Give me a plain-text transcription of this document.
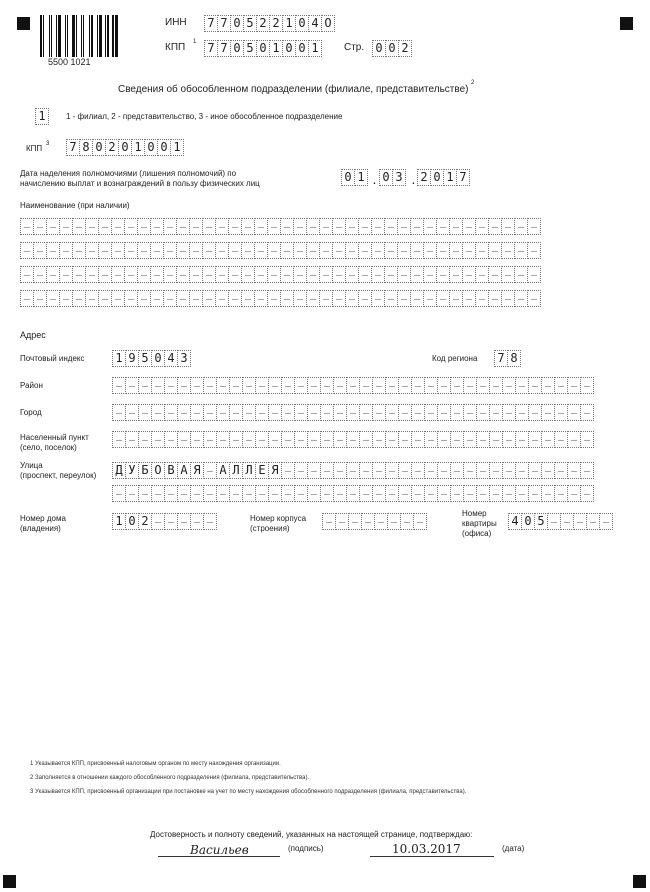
5500 1021
ИНН 7 7 0 5 2 2 1 0 4 О
КПП 1 7 7 0 5 0 1 0 0 1	Стр. 0 0 2
Сведения об обособленном подразделении (филиале, представительстве)
2
1	1 - филиал, 2 - представительство, 3 - иное обособленное подразделение
КПП 3 7 8 0 2 0 1 0 0 1
Дата наделения полномочиями (лишения полномочий) по
начислению выплат и вознаграждений в пользу физических лиц	0 1 . 0 3 . 2 0 1 7
Наименование (при наличии)
–
–
–
–
–
–
–
–
–
–
–
–
–
–
–
–
–
–
–
–
–
–
–
–
–
–
–
–
–
–
–
–
–
–
–
–
–
–
–
–
–
–
–
–
–
–
–
–
–
–
–
–
–
–
–
–
–
–
–
–
–
–
–
–
–
–
–
–
–
–
–
–
–
–
–
–
–
–
–
–
–
–
–
–
–
–
–
–
–
–
–
–
–
–
–
–
–
–
–
–
–
–
–
–
–
–
–
–
–
–
–
–
–
–
–
–
–
–
–
–
–
–
–
–
–
–
–
–
–
–
–
–
–
–
–
–
–
–
–
–
–
–
–
–
–
–
–
–
–
–
–
–
–
–
–
–
–
–
–
–
Адрес
Почтовый индекс	1 9 5 0 4 3	Код региона 7 8
Район
–
–
–
–
–
–
–
–
–
–
–
–
–
–
–
–
–
–
–
–
–
–
–
–
–
–
–
–
–
–
–
–
–
–
–
–
–
Город
–
–
–
–
–
–
–
–
–
–
–
–
–
–
–
–
–
–
–
–
–
–
–
–
–
–
–
–
–
–
–
–
–
–
–
–
–
Населенный пункт
(село, поселок)
–
–
–
–
–
–
–
–
–
–
–
–
–
–
–
–
–
–
–
–
–
–
–
–
–
–
–
–
–
–
–
–
–
–
–
–
–
Улица
(проспект, переулок) Д У Б О В А Я – А Л Л Е Я
–
–
–
–
–
–
–
–
–
–
–
–
–
–
–
–
–
–
–
–
–
–
–
–
–
–
–
–
–
–
–
–
–
–
–
–
–
–
–
–
–
–
–
–
–
–
–
–
–
–
–
–
–
–
–
–
–
–
–
–
–
Номер дома
(владения)
1 0 2 – – – – –	Номер корпуса
(строения)
–
–
–
–
–
–
–
–
Номер
квартиры
(офиса)
4 0 5
–
–
–
–
–
$^1$ Указывается КПП, присвоенный налоговым органом по месту нахождения организации.
$^2$ Заполняется в отношении каждого обособленного подразделения (филиала, представительства).
$^3$ Указывается КПП, присвоенный организации при постановке на учет по месту нахождения обособленного подразделения (филиала, представительства).
Достоверность и полноту сведений, указанных на настоящей странице, подтверждаю:
Васильев	(подпись)	10.03.2017	(дата)
